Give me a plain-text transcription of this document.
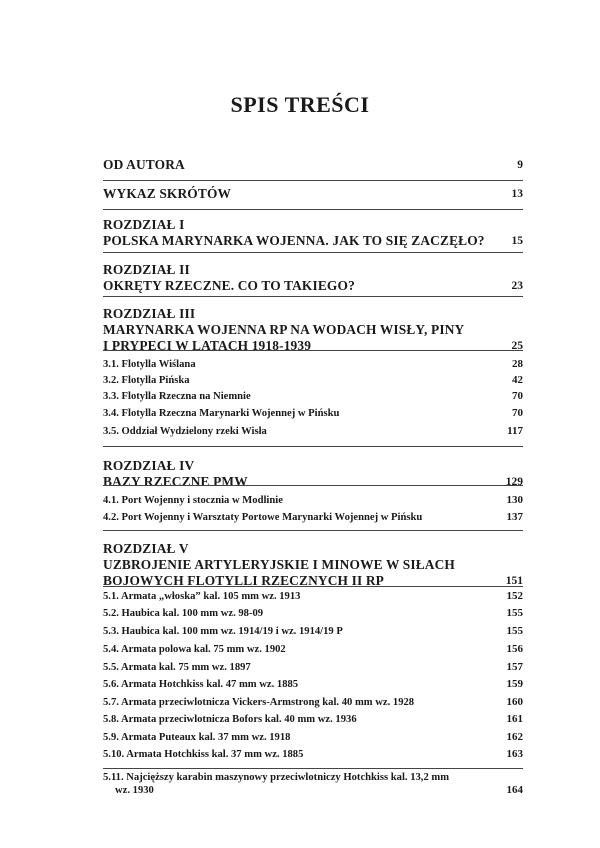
SPIS TREŚCI
OD AUTORA	9
WYKAZ SKRÓTÓW	13
ROZDZIAŁ I
POLSKA MARYNARKA WOJENNA. JAK TO SIĘ ZACZĘŁO?	15
ROZDZIAŁ II
OKRĘTY RZECZNE. CO TO TAKIEGO?	23
ROZDZIAŁ III
MARYNARKA WOJENNA RP NA WODACH WISŁY, PINY
I PRYPECI W LATACH 1918-1939	25
3.1. Flotylla Wiślana	28
3.2. Flotylla Pińska	42
3.3. Flotylla Rzeczna na Niemnie	70
3.4. Flotylla Rzeczna Marynarki Wojennej w Pińsku	70
3.5. Oddział Wydzielony rzeki Wisła	117
ROZDZIAŁ IV
BAZY RZECZNE PMW	129
4.1. Port Wojenny i stocznia w Modlinie	130
4.2. Port Wojenny i Warsztaty Portowe Marynarki Wojennej w Pińsku	137
ROZDZIAŁ V
UZBROJENIE ARTYLERYJSKIE I MINOWE W SIŁACH
BOJOWYCH FLOTYLLI RZECZNYCH II RP	151
5.1. Armata „włoska” kal. 105 mm wz. 1913	152
5.2. Haubica kal. 100 mm wz. 98-09	155
5.3. Haubica kal. 100 mm wz. 1914/19 i wz. 1914/19 P	155
5.4. Armata polowa kal. 75 mm wz. 1902	156
5.5. Armata kal. 75 mm wz. 1897	157
5.6. Armata Hotchkiss kal. 47 mm wz. 1885	159
5.7. Armata przeciwlotnicza Vickers-Armstrong kal. 40 mm wz. 1928	160
5.8. Armata przeciwlotnicza Bofors kal. 40 mm wz. 1936	161
5.9. Armata Puteaux kal. 37 mm wz. 1918	162
5.10. Armata Hotchkiss kal. 37 mm wz. 1885	163
5.11. Najcięższy karabin maszynowy przeciwlotniczy Hotchkiss kal. 13,2 mm
wz. 1930	164
